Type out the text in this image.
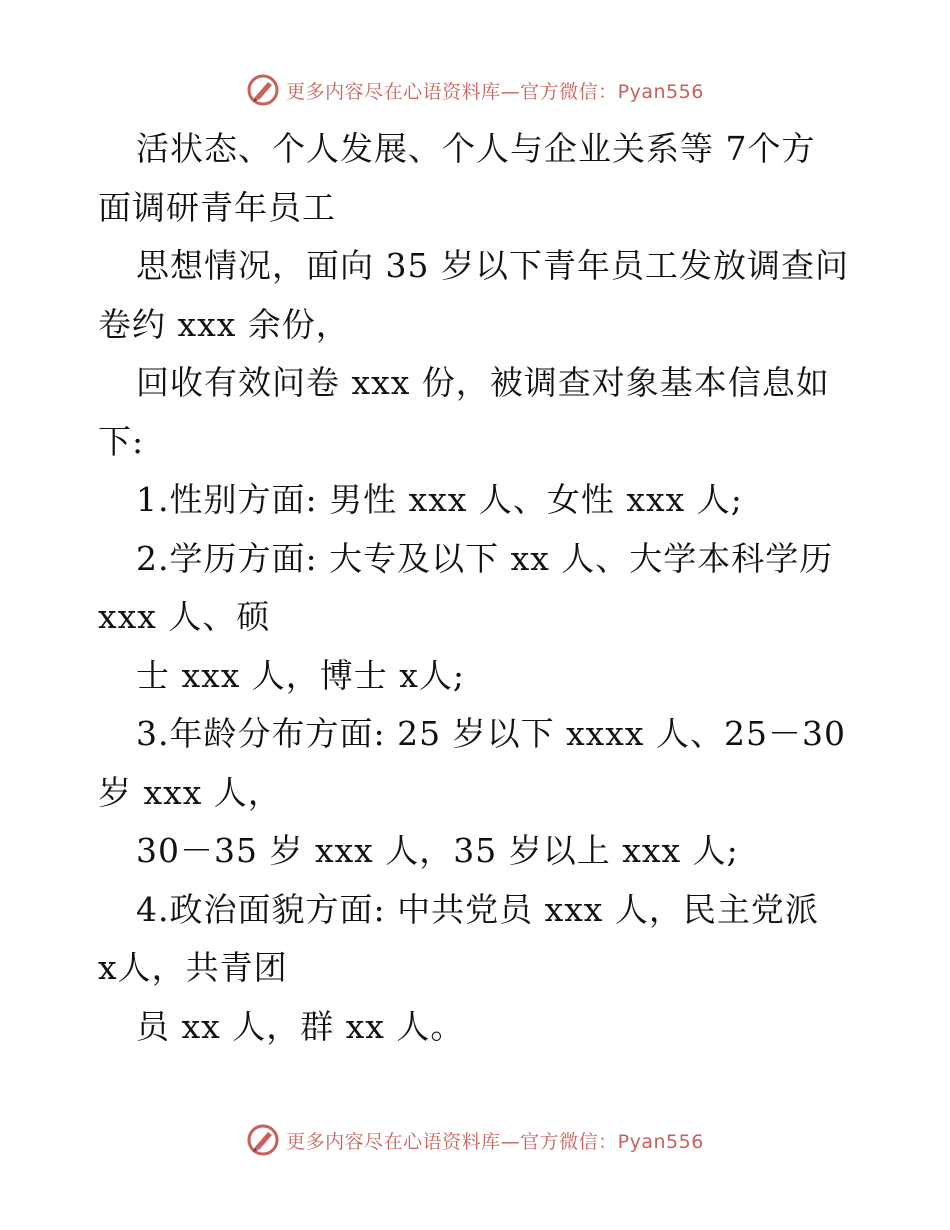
更多内容尽在心语资料库—官方微信：Pyan556
活状态、个人发展、个人与企业关系等 7个方
面调研青年员工
思想情况，面向 35 岁以下青年员工发放调查问
卷约 xxx 余份，
回收有效问卷 xxx 份，被调查对象基本信息如
下:
1.性别方面: 男性 xxx 人、女性 xxx 人;
2.学历方面: 大专及以下 xx 人、大学本科学历
xxx 人、硕
士 xxx 人，博士 x人;
3.年龄分布方面: 25 岁以下 xxxx 人、25－30
岁 xxx 人，
30－35 岁 xxx 人，35 岁以上 xxx 人;
4.政治面貌方面: 中共党员 xxx 人，民主党派
x人，共青团
员 xx 人，群 xx 人。
更多内容尽在心语资料库—官方微信：Pyan556
